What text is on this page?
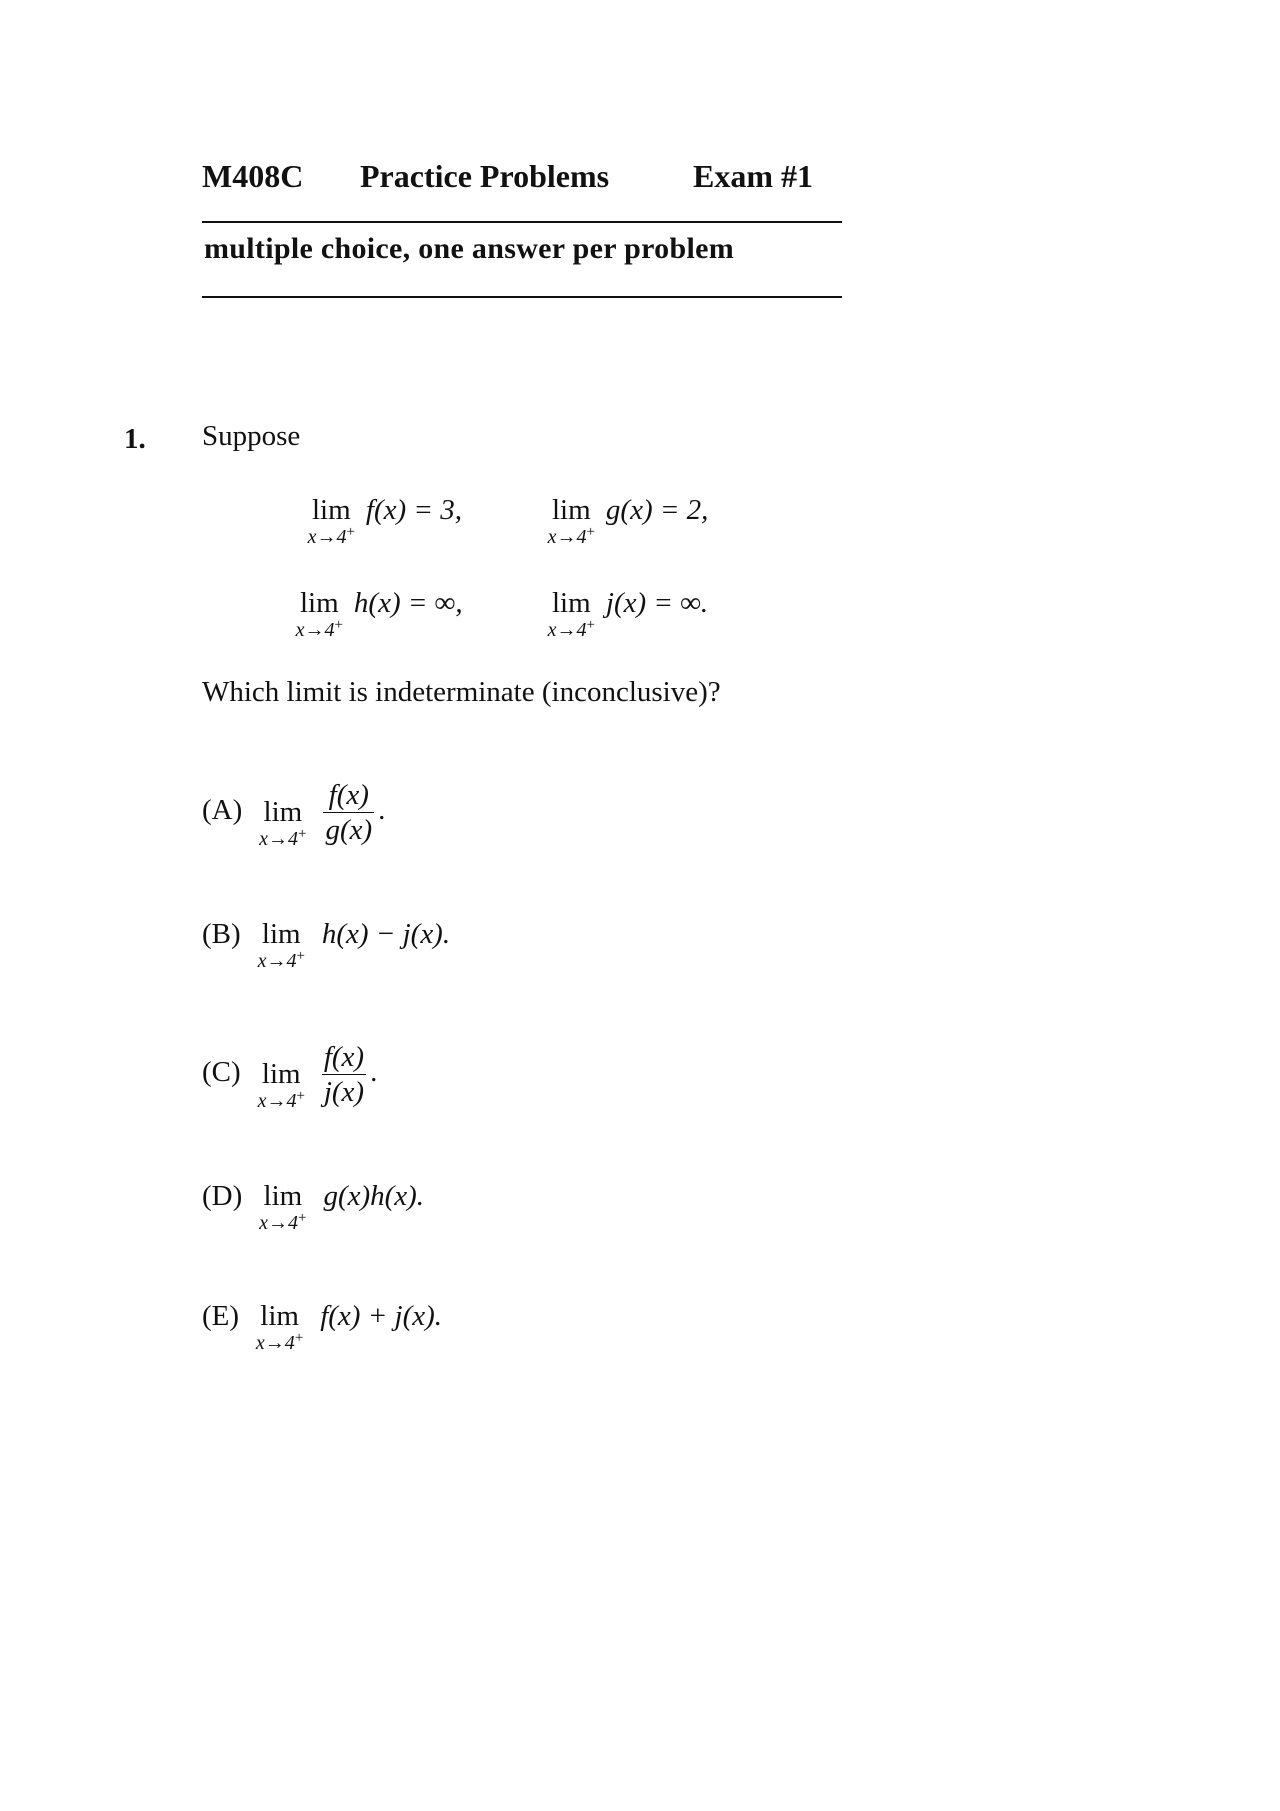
M408C Practice Problems	Exam #1
multiple choice, one answer per problem
1. Suppose
lim
x→4+
f(x) = 3,	lim
x→4+
g(x) = 2,
lim
x→4+
h(x) = ∞,	lim
x→4+
j(x) = ∞.
Which limit is indeterminate (inconclusive)?
(A) lim
x→4+
$\frac{f(x)}{g(x)}$ .
(B) lim
x→4+
h(x) − j(x).
(C) lim
x→4+
$\frac{f(x)}{j(x)}$ .
(D) lim
x→4+
g(x)h(x).
(E) lim
x→4+
f(x) + j(x).
